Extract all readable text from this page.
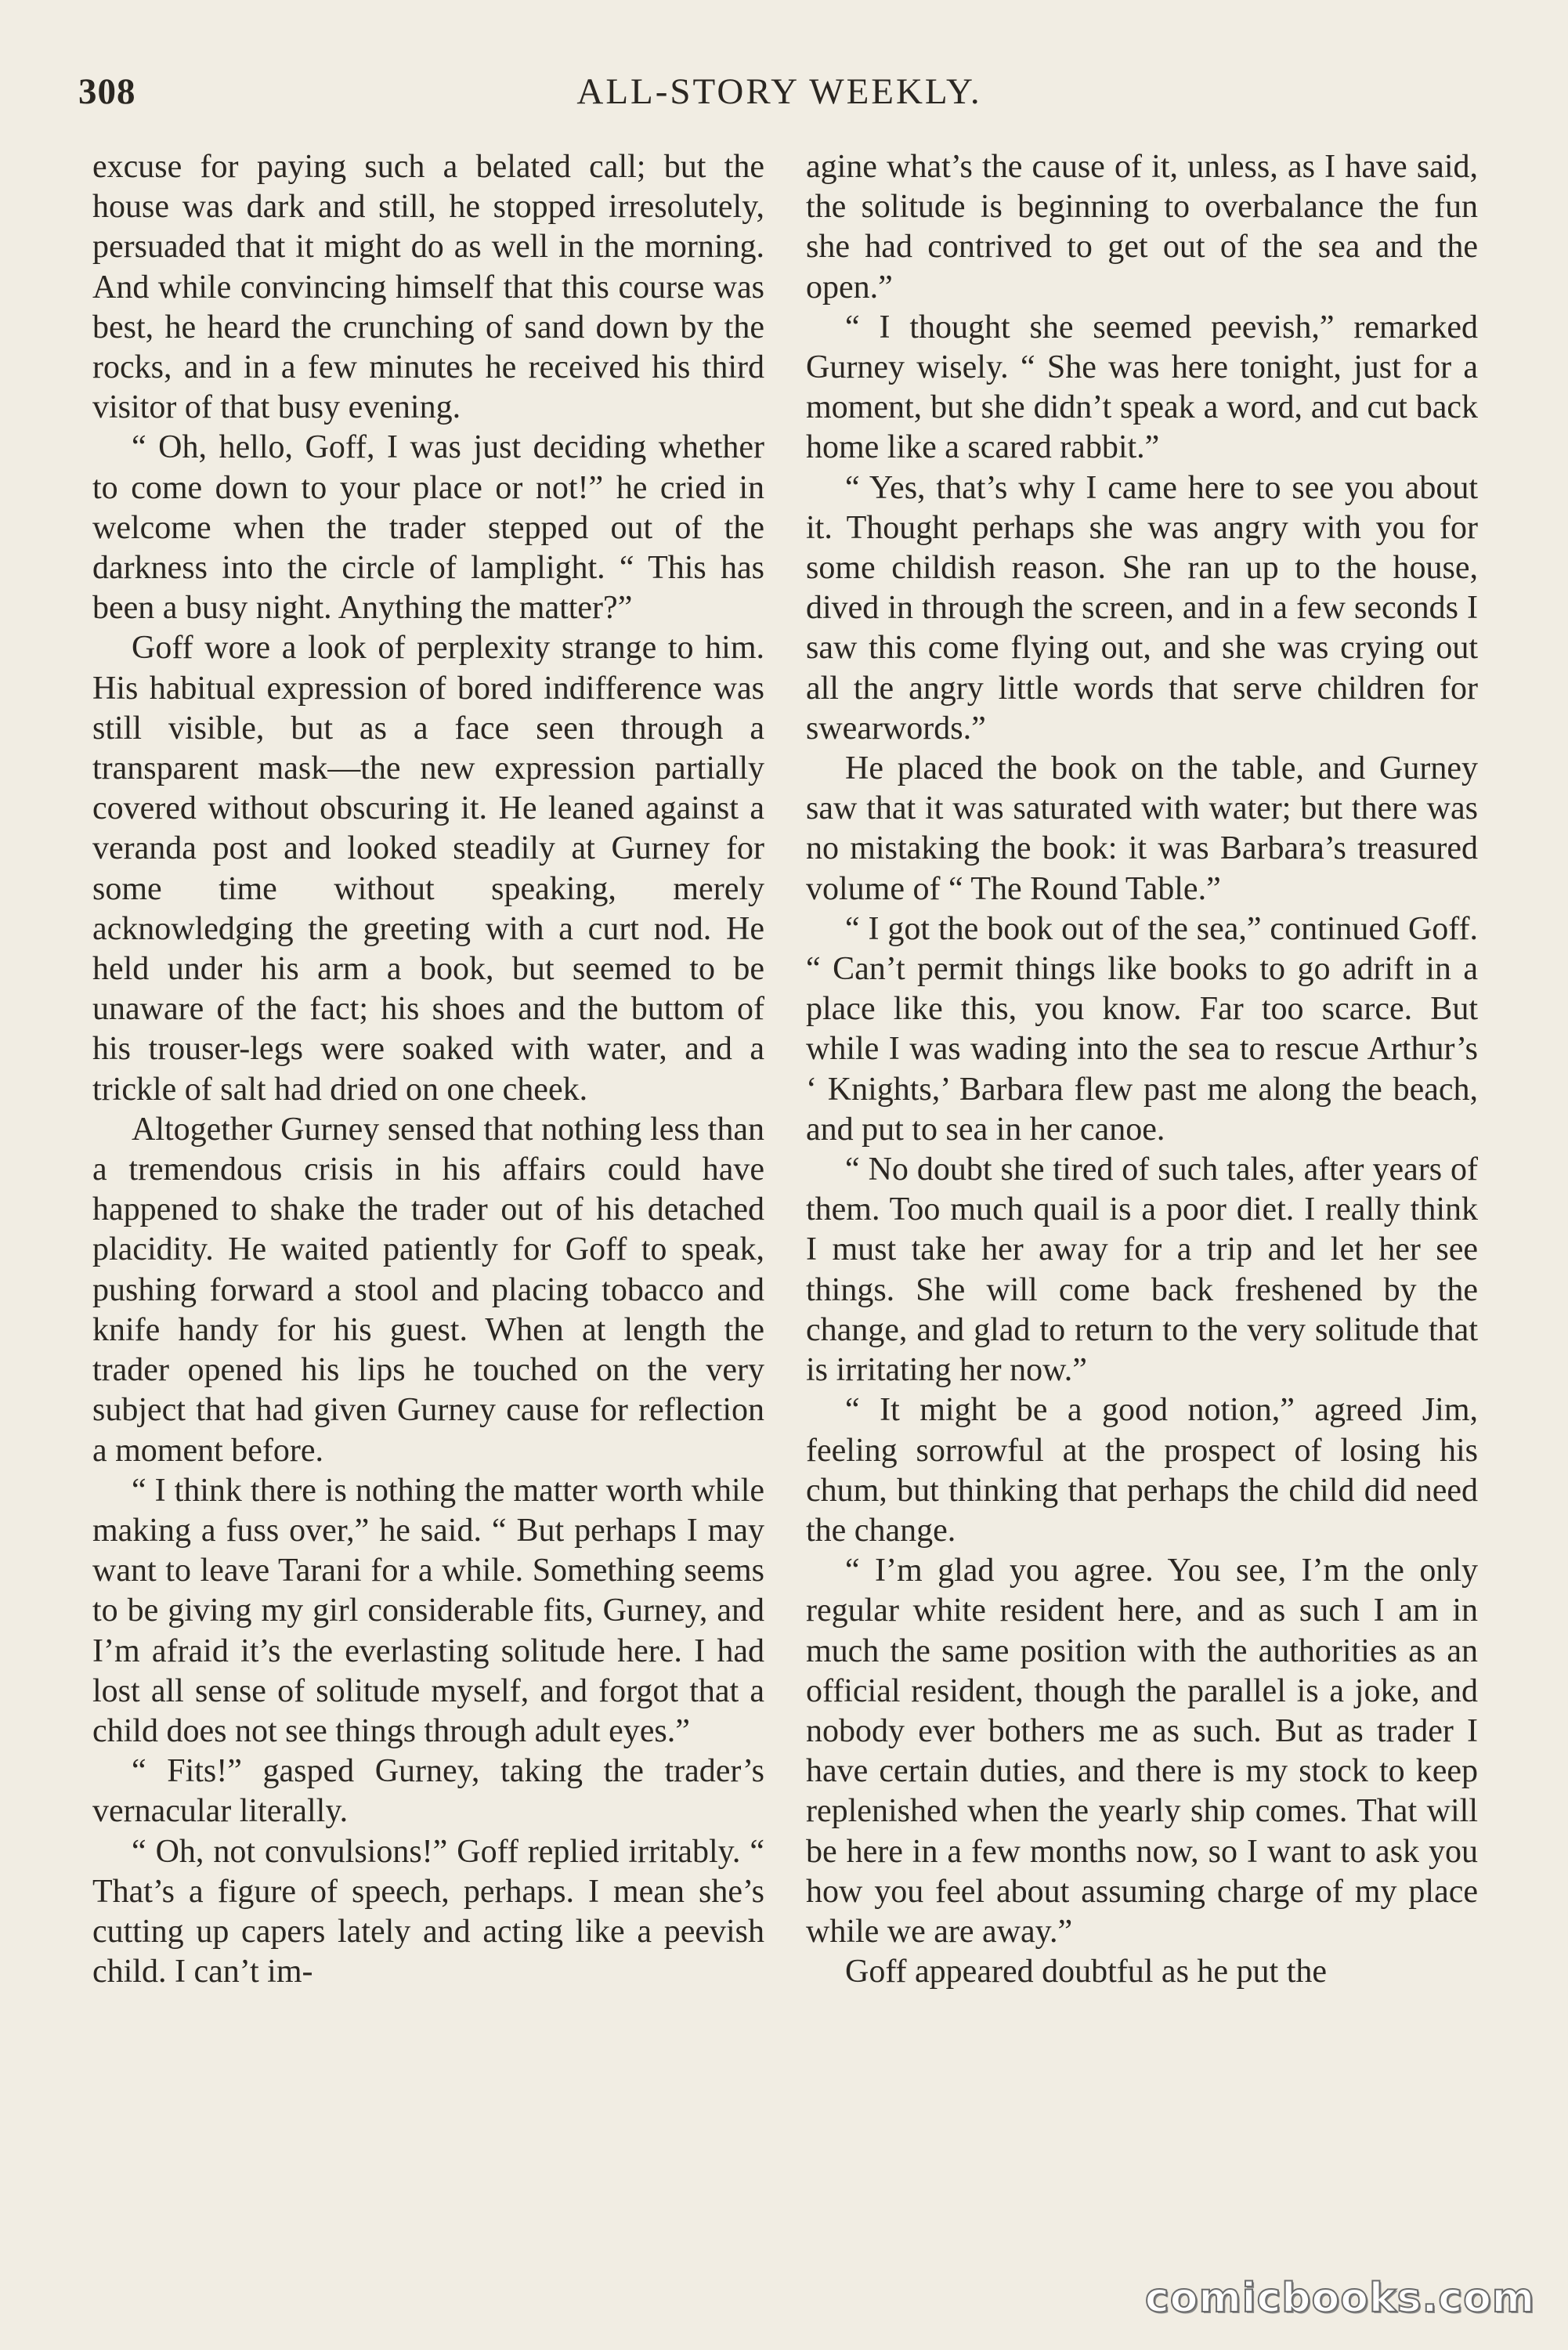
308	ALL-STORY WEEKLY.

excuse for paying such a belated call; but the house was dark and still, he stopped irresolutely, persuaded that it might do as well in the morning. And while convincing himself that this course was best, he heard the crunching of sand down by the rocks, and in a few minutes he received his third visitor of that busy evening.

“ Oh, hello, Goff, I was just deciding whether to come down to your place or not!” he cried in welcome when the trader stepped out of the darkness into the circle of lamplight. “ This has been a busy night. Anything the matter?”

Goff wore a look of perplexity strange to him. His habitual expression of bored indifference was still visible, but as a face seen through a transparent mask—the new expression partially covered without obscuring it. He leaned against a veranda post and looked steadily at Gurney for some time without speaking, merely acknowledging the greeting with a curt nod. He held under his arm a book, but seemed to be unaware of the fact; his shoes and the buttom of his trouser-legs were soaked with water, and a trickle of salt had dried on one cheek.

Altogether Gurney sensed that nothing less than a tremendous crisis in his affairs could have happened to shake the trader out of his detached placidity. He waited patiently for Goff to speak, pushing forward a stool and placing tobacco and knife handy for his guest. When at length the trader opened his lips he touched on the very subject that had given Gurney cause for reflection a moment before.

“ I think there is nothing the matter worth while making a fuss over,” he said. “ But perhaps I may want to leave Tarani for a while. Something seems to be giving my girl considerable fits, Gurney, and I’m afraid it’s the everlasting solitude here. I had lost all sense of solitude myself, and forgot that a child does not see things through adult eyes.”

“ Fits!” gasped Gurney, taking the trader’s vernacular literally.

“ Oh, not convulsions!” Goff replied irritably. “ That’s a figure of speech, perhaps. I mean she’s cutting up capers lately and acting like a peevish child. I can’t im-

agine what’s the cause of it, unless, as I have said, the solitude is beginning to overbalance the fun she had contrived to get out of the sea and the open.”

“ I thought she seemed peevish,” remarked Gurney wisely. “ She was here tonight, just for a moment, but she didn’t speak a word, and cut back home like a scared rabbit.”

“ Yes, that’s why I came here to see you about it. Thought perhaps she was angry with you for some childish reason. She ran up to the house, dived in through the screen, and in a few seconds I saw this come flying out, and she was crying out all the angry little words that serve children for swearwords.”

He placed the book on the table, and Gurney saw that it was saturated with water; but there was no mistaking the book: it was Barbara’s treasured volume of “ The Round Table.”

“ I got the book out of the sea,” continued Goff. “ Can’t permit things like books to go adrift in a place like this, you know. Far too scarce. But while I was wading into the sea to rescue Arthur’s ‘ Knights,’ Barbara flew past me along the beach, and put to sea in her canoe.

“ No doubt she tired of such tales, after years of them. Too much quail is a poor diet. I really think I must take her away for a trip and let her see things. She will come back freshened by the change, and glad to return to the very solitude that is irritating her now.”

“ It might be a good notion,” agreed Jim, feeling sorrowful at the prospect of losing his chum, but thinking that perhaps the child did need the change.

“ I’m glad you agree. You see, I’m the only regular white resident here, and as such I am in much the same position with the authorities as an official resident, though the parallel is a joke, and nobody ever bothers me as such. But as trader I have certain duties, and there is my stock to keep replenished when the yearly ship comes. That will be here in a few months now, so I want to ask you how you feel about assuming charge of my place while we are away.”

Goff appeared doubtful as he put the

comicbooks.com
